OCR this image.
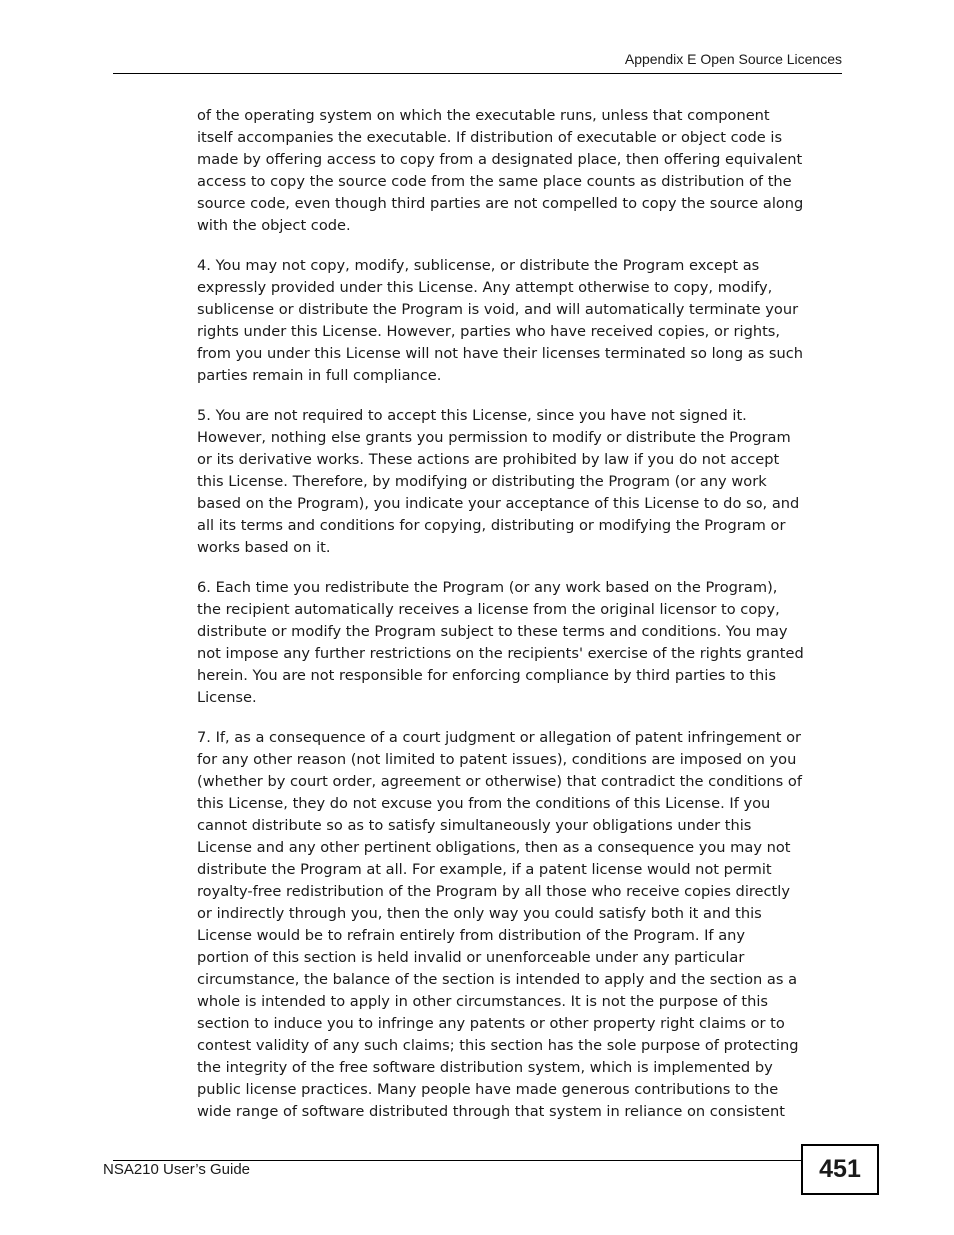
Appendix E Open Source Licences
of the operating system on which the executable runs, unless that component
itself accompanies the executable. If distribution of executable or object code is
made by offering access to copy from a designated place, then offering equivalent
access to copy the source code from the same place counts as distribution of the
source code, even though third parties are not compelled to copy the source along
with the object code.
4. You may not copy, modify, sublicense, or distribute the Program except as
expressly provided under this License. Any attempt otherwise to copy, modify,
sublicense or distribute the Program is void, and will automatically terminate your
rights under this License. However, parties who have received copies, or rights,
from you under this License will not have their licenses terminated so long as such
parties remain in full compliance.
5. You are not required to accept this License, since you have not signed it.
However, nothing else grants you permission to modify or distribute the Program
or its derivative works. These actions are prohibited by law if you do not accept
this License. Therefore, by modifying or distributing the Program (or any work
based on the Program), you indicate your acceptance of this License to do so, and
all its terms and conditions for copying, distributing or modifying the Program or
works based on it.
6. Each time you redistribute the Program (or any work based on the Program),
the recipient automatically receives a license from the original licensor to copy,
distribute or modify the Program subject to these terms and conditions. You may
not impose any further restrictions on the recipients' exercise of the rights granted
herein. You are not responsible for enforcing compliance by third parties to this
License.
7. If, as a consequence of a court judgment or allegation of patent infringement or
for any other reason (not limited to patent issues), conditions are imposed on you
(whether by court order, agreement or otherwise) that contradict the conditions of
this License, they do not excuse you from the conditions of this License. If you
cannot distribute so as to satisfy simultaneously your obligations under this
License and any other pertinent obligations, then as a consequence you may not
distribute the Program at all. For example, if a patent license would not permit
royalty-free redistribution of the Program by all those who receive copies directly
or indirectly through you, then the only way you could satisfy both it and this
License would be to refrain entirely from distribution of the Program. If any
portion of this section is held invalid or unenforceable under any particular
circumstance, the balance of the section is intended to apply and the section as a
whole is intended to apply in other circumstances. It is not the purpose of this
section to induce you to infringe any patents or other property right claims or to
contest validity of any such claims; this section has the sole purpose of protecting
the integrity of the free software distribution system, which is implemented by
public license practices. Many people have made generous contributions to the
wide range of software distributed through that system in reliance on consistent
NSA210 User’s Guide	451
